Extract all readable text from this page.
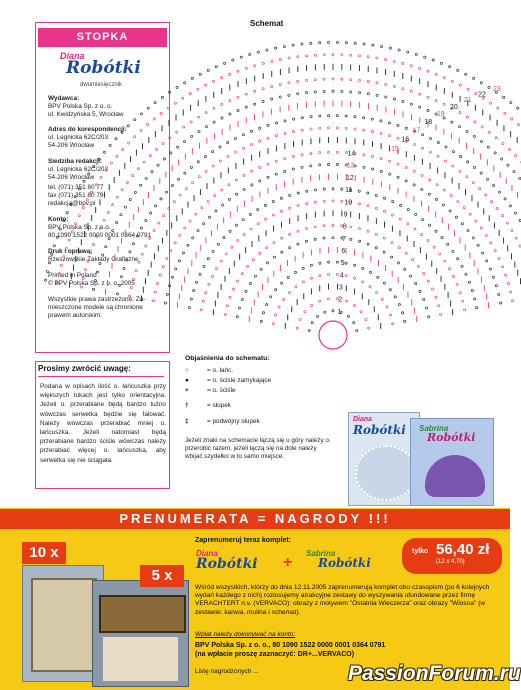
STOPKA
Diana
Robótki
dwumiesięcznik
Wydawca:
BPV Polska Sp. z o. o.
ul. Kwidzyńska 5, Wrocław
Adres do korespondencji:
ul. Legnicka 62C/203
54-206 Wrocław
Siedziba redakcji:
ul. Legnicka 62C/203
54-206 Wrocław
tel. (071) 351 80 77
fax (071) 351 80 79
redakcja@bpv.pl
Konto:
BPV Polska Sp. z o.o.
80 1090 1522 0000 0001 0364 0791
Druk i oprawa:
Rzeszowskie Zakłady Graficzne
Printed in Poland
© BPV Polska Sp. z o. o. 2005
Wszystkie prawa zastrzeżone. Za-
mieszczone modele są chronione
prawem autorskim.
Prosimy zwrócić uwagę:
Podana w opisach ilość o. łańcuszka przy większych tukach jest tylko orientacyjna. Jeżeli o. przerabiane będą bardzo luźno wówczas serwetka będzie się falować. Należy wówczas przerabiać mniej o. łańcuszka. Jeżeli natomiast będą przerabiane bardzo ściśle wówczas należy przerabiać więcej o. łańcuszka, aby serwetka się nie ściągała.
Schemat
1
2
3
4
5
6
7
8
9
10
11
12
13
14
15
16
17
18
19
20
21
22
23
Objaśnienia do schematu:
○	= o. łańc.
●	= o. ściśle zamykające
+	= o. ściśle
†	= słupek
‡	= podwójny słupek
Jeżeli znaki na schemacie łączą się u góry należy o. przerobić razem, jeżeli łączą się na dole należy wbijać szydełko w to samo miejsce.
Diana
Robótki Sabrina
Robótki
PRENUMERATA = NAGRODY !!!
10 x
5 x
Zaprenumeruj teraz komplet:
Diana
Robótki +
Sabrina
Robótki
tylko 56,40 zł
(12 x 4,70)
Wśród wszystkich, którzy do dnia 12.11.2005 zaprenumerują komplet obu czasopism (po 6 kolejnych wydań każdego z nich) rozlosujemy atrakcyjne zestawy do wyszywania ufundowane przez firmę VERACHTERT n.v. (VERVACO): obrazy z motywem "Ostatnia Wieczerza" oraz obrazy "Wiosna" (w zestawie: kanwa, mulina i schemat).
Wpłat należy dokonywać na konto:
BPV Polska Sp. z o. o., 80 1090 1522 0000 0001 0364 0791
(na wpłacie proszę zaznaczyć: DR+...VERVACO)
Listę nagrodzonych ...	PassionForum.ru
